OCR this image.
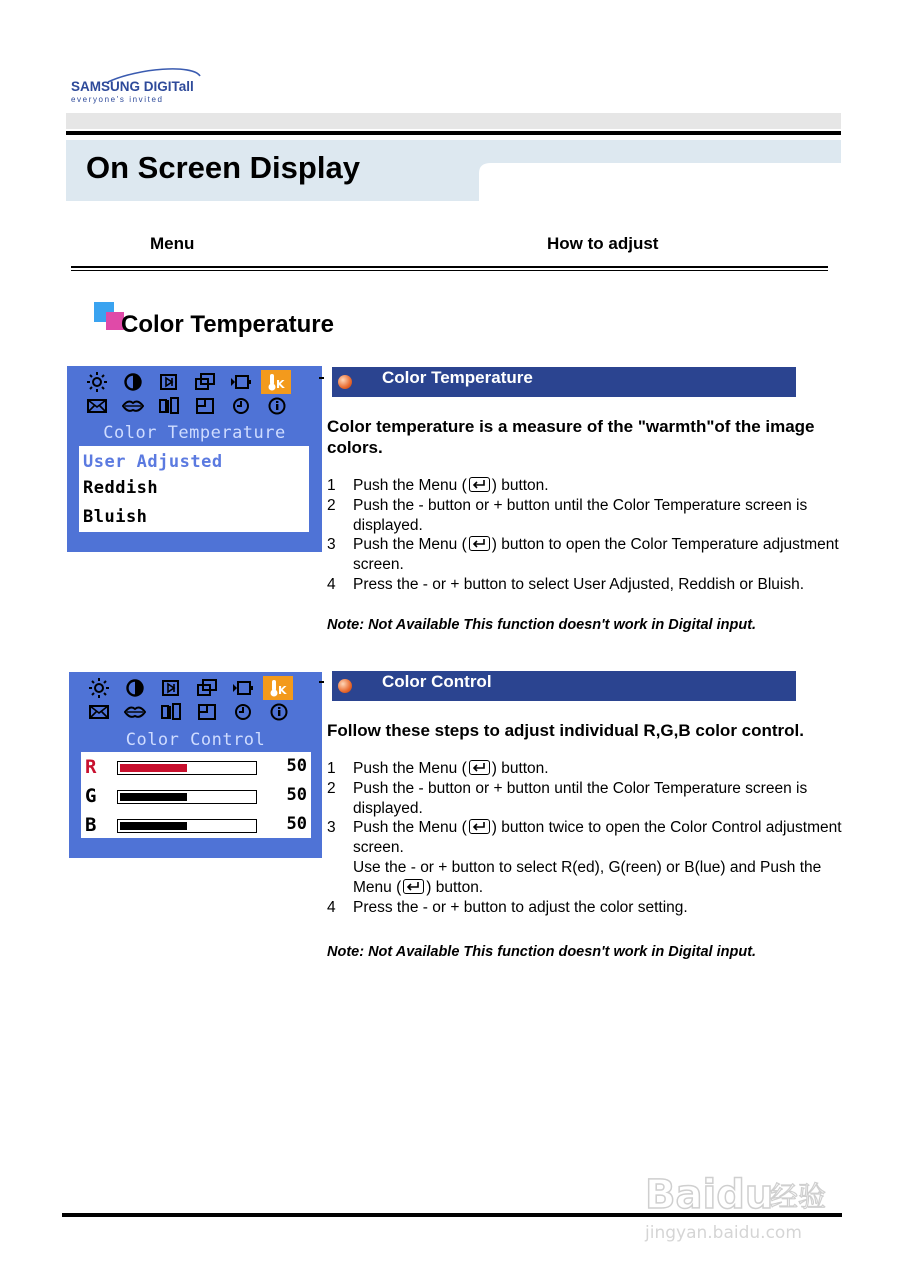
SAMSUNG DIGITall
everyone's invited
On Screen Display
Menu	How to adjust
Color Temperature
K
Color Temperature
User Adjusted
Reddish
Bluish
K
Color Control
R	50
G	50
B	50
Color Temperature
Color temperature is a measure of the "warmth"of the image colors.
1	Push the Menu ( ) button.
2	Push the - button or + button until the Color Temperature screen is displayed.
3	Push the Menu ( ) button to open the Color Temperature adjustment screen.
4	Press the - or + button to select User Adjusted, Reddish or Bluish.
Note: Not Available This function doesn't work in Digital input.
Color Control
Follow these steps to adjust individual R,G,B color control.
1	Push the Menu ( ) button.
2	Push the - button or + button until the Color Temperature screen is displayed.
3	Push the Menu ( ) button twice to open the Color Control adjustment screen.
Use the - or + button to select R(ed), G(reen) or B(lue) and Push the Menu ( ) button.
4	Press the - or + button to adjust the color setting.
Note: Not Available This function doesn't work in Digital input.
Baidu
经验
jingyan.baidu.com
